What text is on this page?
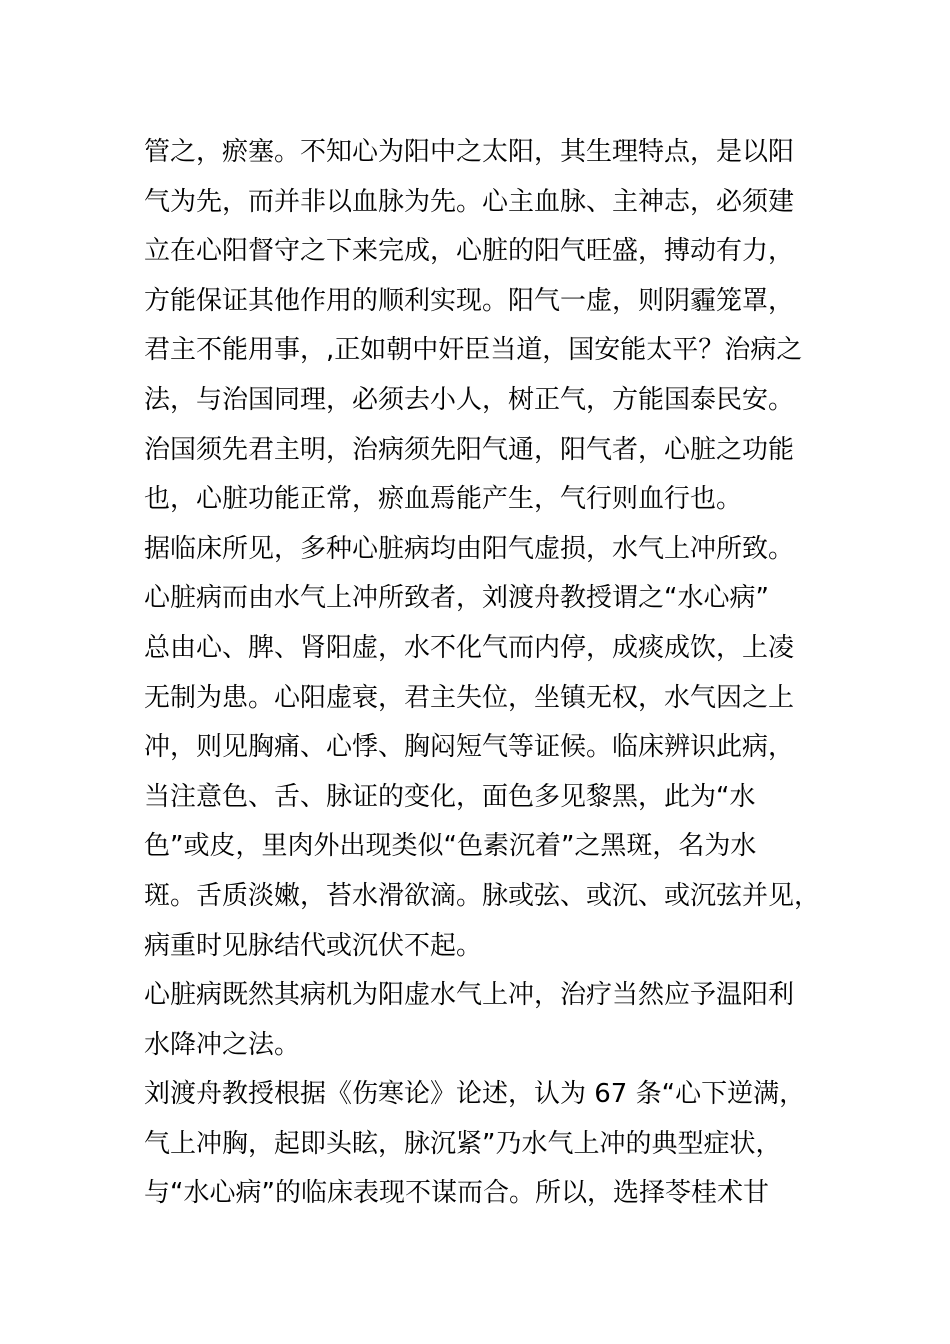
管之，瘀塞。不知心为阳中之太阳，其生理特点，是以阳
气为先，而并非以血脉为先。心主血脉、主神志，必须建
立在心阳督守之下来完成，心脏的阳气旺盛，搏动有力，
方能保证其他作用的顺利实现。阳气一虚，则阴霾笼罩，
君主不能用事，,正如朝中奸臣当道，国安能太平？治病之
法，与治国同理，必须去小人，树正气，方能国泰民安。
治国须先君主明，治病须先阳气通，阳气者，心脏之功能
也，心脏功能正常，瘀血焉能产生，气行则血行也。
据临床所见，多种心脏病均由阳气虚损，水气上冲所致。
心脏病而由水气上冲所致者，刘渡舟教授谓之“水心病”
总由心、脾、肾阳虚，水不化气而内停，成痰成饮，上凌
无制为患。心阳虚衰，君主失位，坐镇无权，水气因之上
冲，则见胸痛、心悸、胸闷短气等证候。临床辨识此病，
当注意色、舌、脉证的变化，面色多见黎黑，此为“水
色”或皮，里肉外出现类似“色素沉着”之黑斑，名为水
斑。舌质淡嫩，苔水滑欲滴。脉或弦、或沉、或沉弦并见，
病重时见脉结代或沉伏不起。
心脏病既然其病机为阳虚水气上冲，治疗当然应予温阳利
水降冲之法。
刘渡舟教授根据《伤寒论》论述，认为 67 条“心下逆满，
气上冲胸，起即头眩，脉沉紧”乃水气上冲的典型症状，
与“水心病”的临床表现不谋而合。所以，选择苓桂术甘
